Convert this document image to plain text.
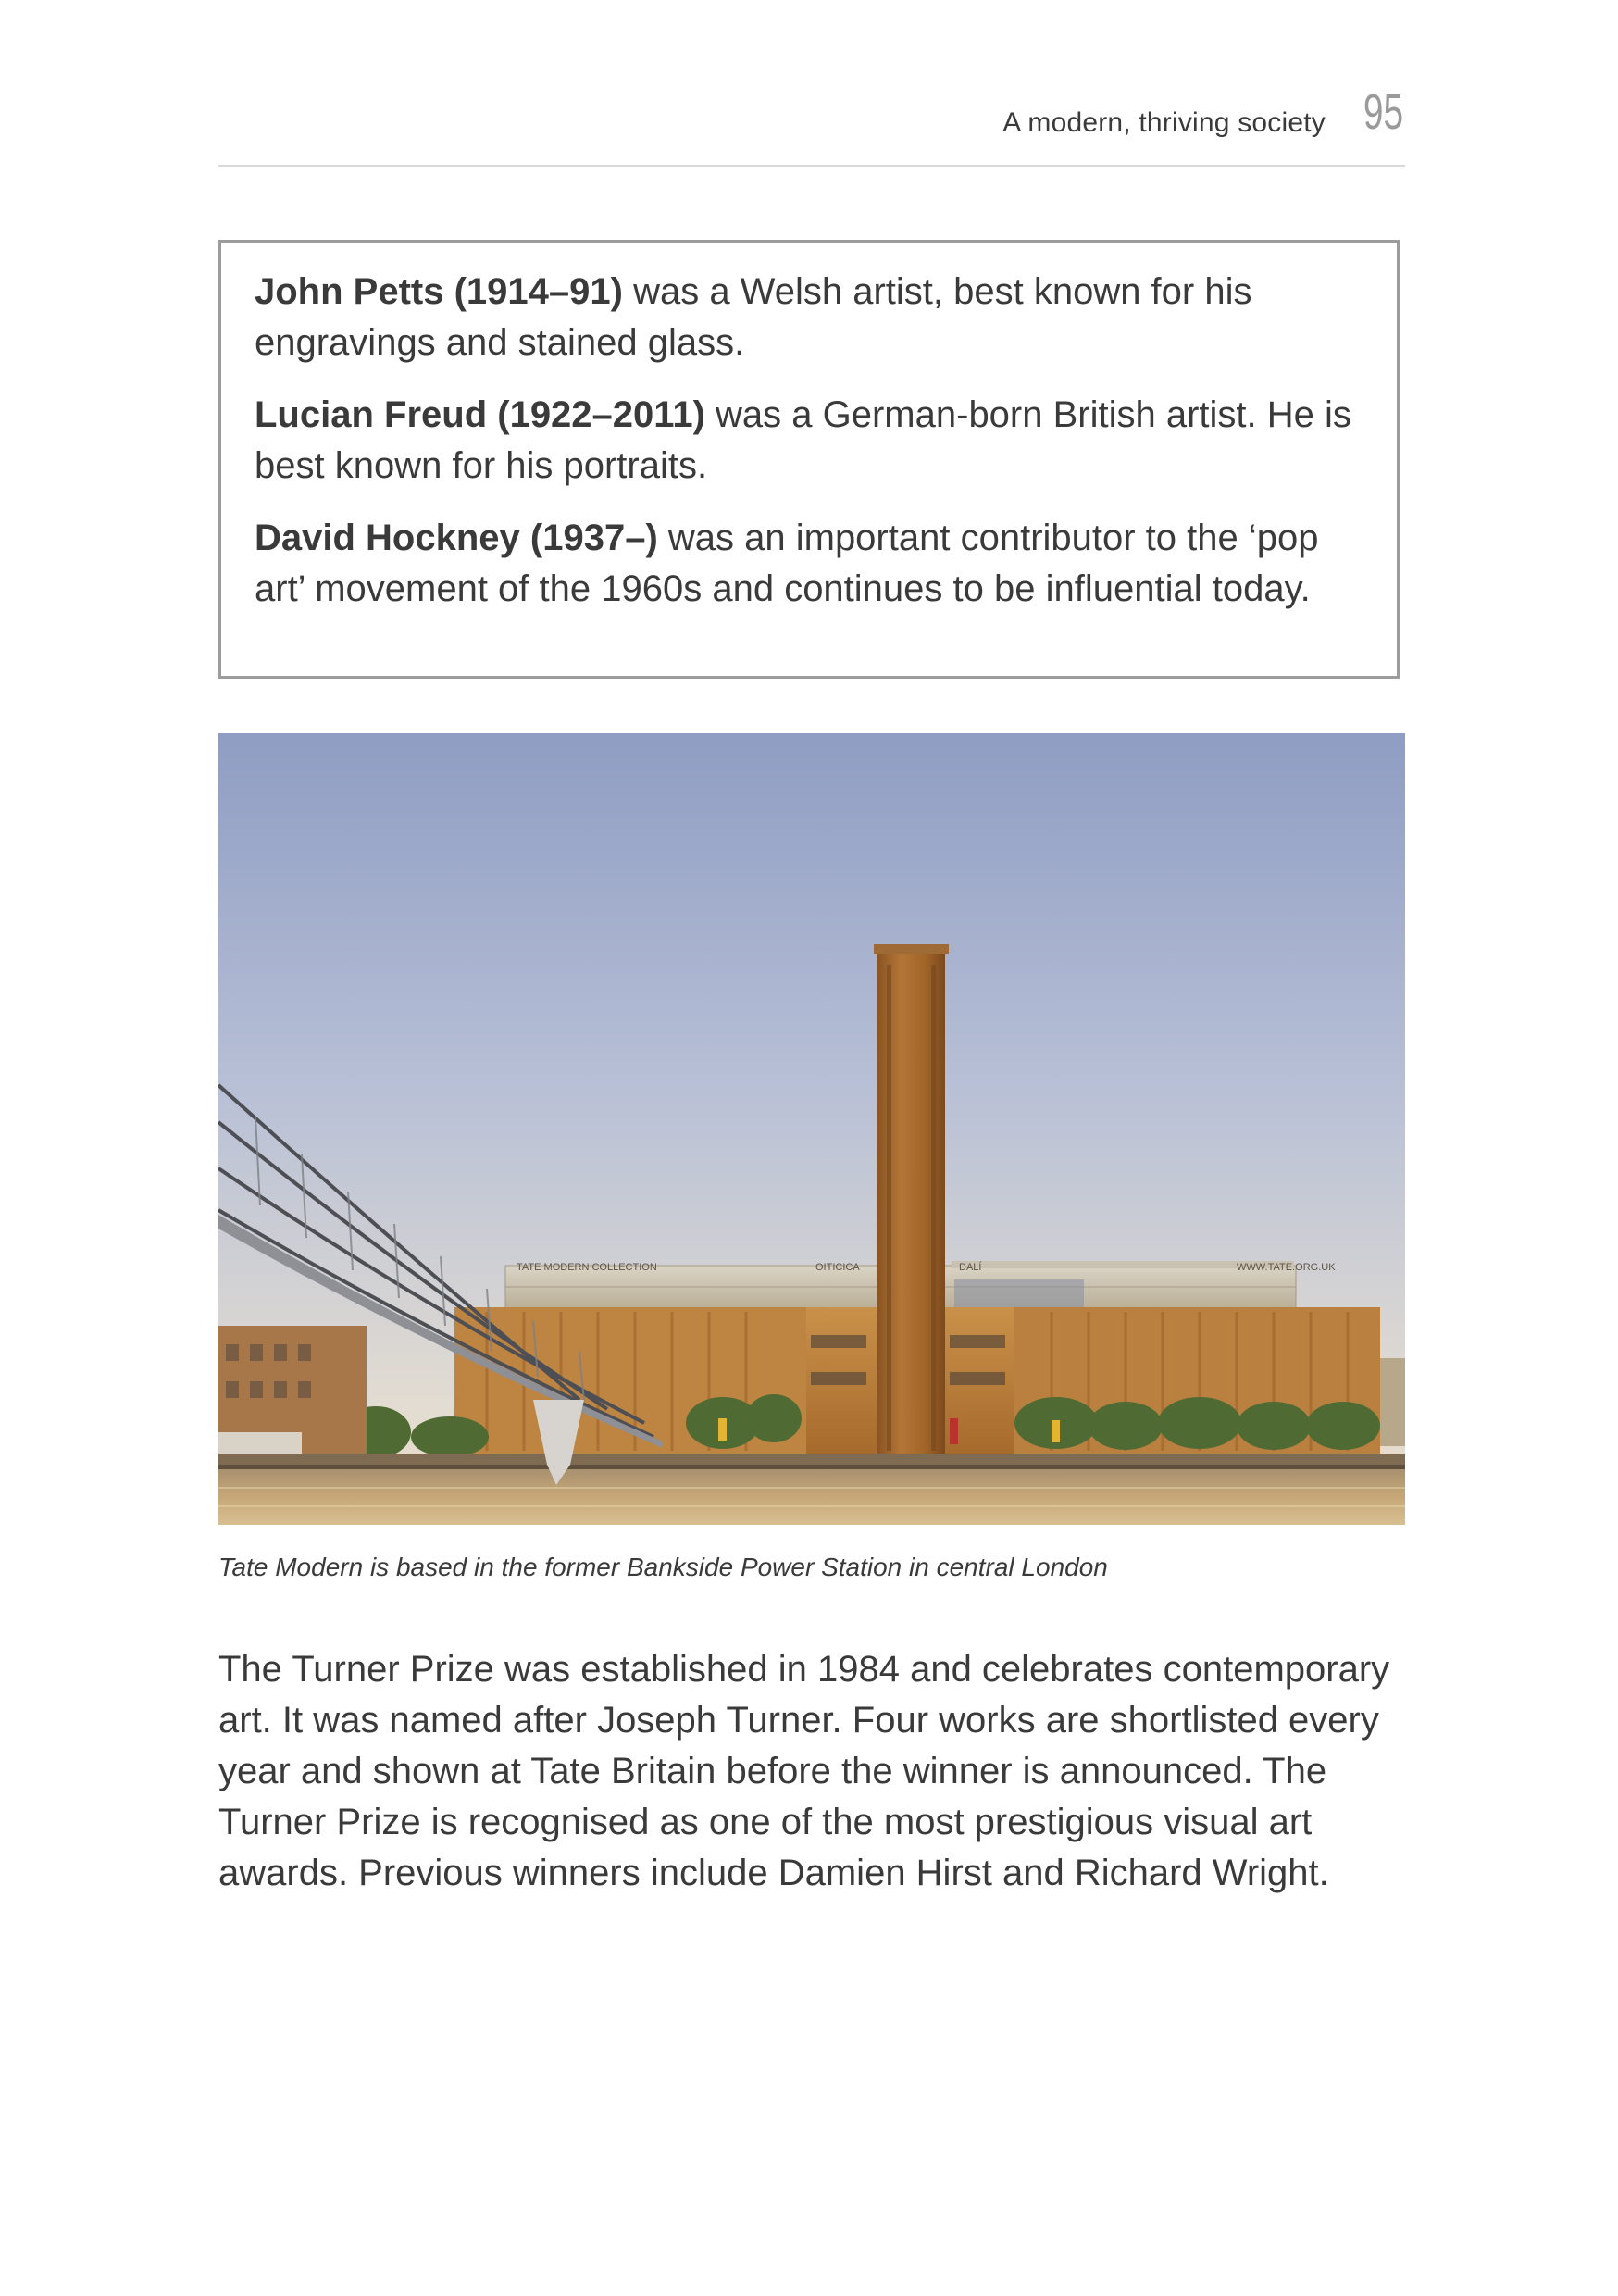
A modern, thriving society 95

John Petts (1914–91) was a Welsh artist, best known for his engravings and stained glass.

Lucian Freud (1922–2011) was a German-born British artist. He is best known for his portraits.

David Hockney (1937–) was an important contributor to the ‘pop art’ movement of the 1960s and continues to be influential today.

TATE MODERN COLLECTION	OITICICA	DALÍ	WWW.TATE.ORG.UK
Tate Modern is based in the former Bankside Power Station in central London

The Turner Prize was established in 1984 and celebrates contemporary art. It was named after Joseph Turner. Four works are shortlisted every year and shown at Tate Britain before the winner is announced. The Turner Prize is recognised as one of the most prestigious visual art awards. Previous winners include Damien Hirst and Richard Wright.
